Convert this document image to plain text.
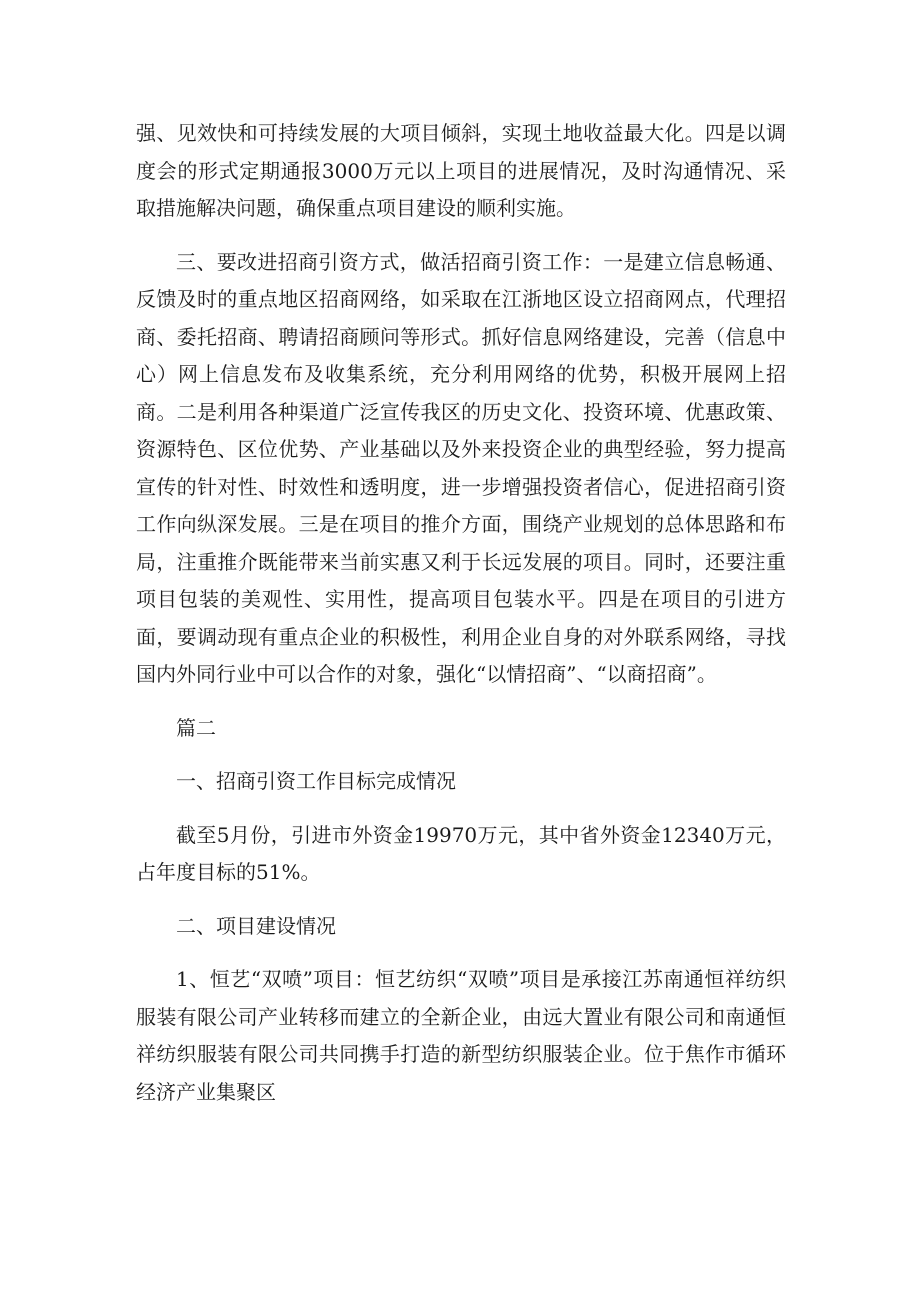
强、见效快和可持续发展的大项目倾斜，实现土地收益最大化。四是以调度会的形式定期通报3000万元以上项目的进展情况，及时沟通情况、采取措施解决问题，确保重点项目建设的顺利实施。

三、要改进招商引资方式，做活招商引资工作：一是建立信息畅通、反馈及时的重点地区招商网络，如采取在江浙地区设立招商网点，代理招商、委托招商、聘请招商顾问等形式。抓好信息网络建设，完善（信息中心）网上信息发布及收集系统，充分利用网络的优势，积极开展网上招商。二是利用各种渠道广泛宣传我区的历史文化、投资环境、优惠政策、资源特色、区位优势、产业基础以及外来投资企业的典型经验，努力提高宣传的针对性、时效性和透明度，进一步增强投资者信心，促进招商引资工作向纵深发展。三是在项目的推介方面，围绕产业规划的总体思路和布局，注重推介既能带来当前实惠又利于长远发展的项目。同时，还要注重项目包装的美观性、实用性，提高项目包装水平。四是在项目的引进方面，要调动现有重点企业的积极性，利用企业自身的对外联系网络，寻找国内外同行业中可以合作的对象，强化“以情招商”、“以商招商”。

篇二

一、招商引资工作目标完成情况

截至5月份，引进市外资金19970万元，其中省外资金12340万元，占年度目标的51%。

二、项目建设情况

1、恒艺“双喷”项目：恒艺纺织“双喷”项目是承接江苏南通恒祥纺织服装有限公司产业转移而建立的全新企业，由远大置业有限公司和南通恒祥纺织服装有限公司共同携手打造的新型纺织服装企业。位于焦作市循环经济产业集聚区
